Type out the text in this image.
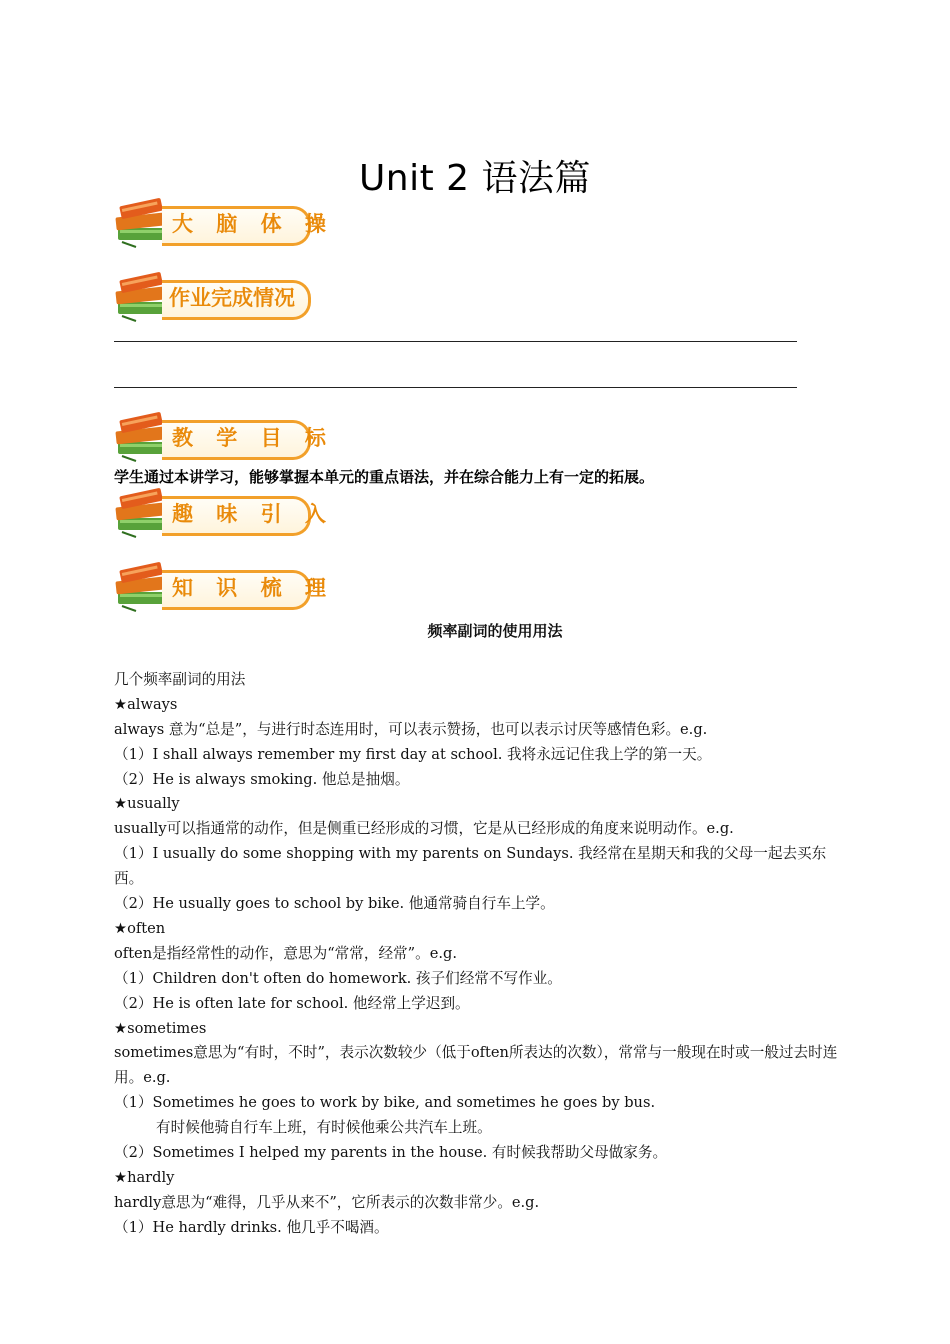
Unit 2 语法篇
大 脑 体 操
作业完成情况
教 学 目 标
学生通过本讲学习，能够掌握本单元的重点语法，并在综合能力上有一定的拓展。
趣 味 引 入
知 识 梳 理
频率副词的使用用法
几个频率副词的用法
★always
always 意为“总是”，与进行时态连用时，可以表示赞扬，也可以表示讨厌等感情色彩。e.g.
（1）I shall always remember my first day at school. 我将永远记住我上学的第一天。
（2）He is always smoking. 他总是抽烟。
★usually
usually可以指通常的动作，但是侧重已经形成的习惯，它是从已经形成的角度来说明动作。e.g.
（1）I usually do some shopping with my parents on Sundays. 我经常在星期天和我的父母一起去买东西。
（2）He usually goes to school by bike. 他通常骑自行车上学。
★often
often是指经常性的动作，意思为“常常，经常”。e.g.
（1）Children don't often do homework. 孩子们经常不写作业。
（2）He is often late for school. 他经常上学迟到。
★sometimes
sometimes意思为“有时，不时”，表示次数较少（低于often所表达的次数），常常与一般现在时或一般过去时连用。e.g.
（1）Sometimes he goes to work by bike, and sometimes he goes by bus.
有时候他骑自行车上班，有时候他乘公共汽车上班。
（2）Sometimes I helped my parents in the house. 有时候我帮助父母做家务。
★hardly
hardly意思为“难得，几乎从来不”，它所表示的次数非常少。e.g.
（1）He hardly drinks. 他几乎不喝酒。
